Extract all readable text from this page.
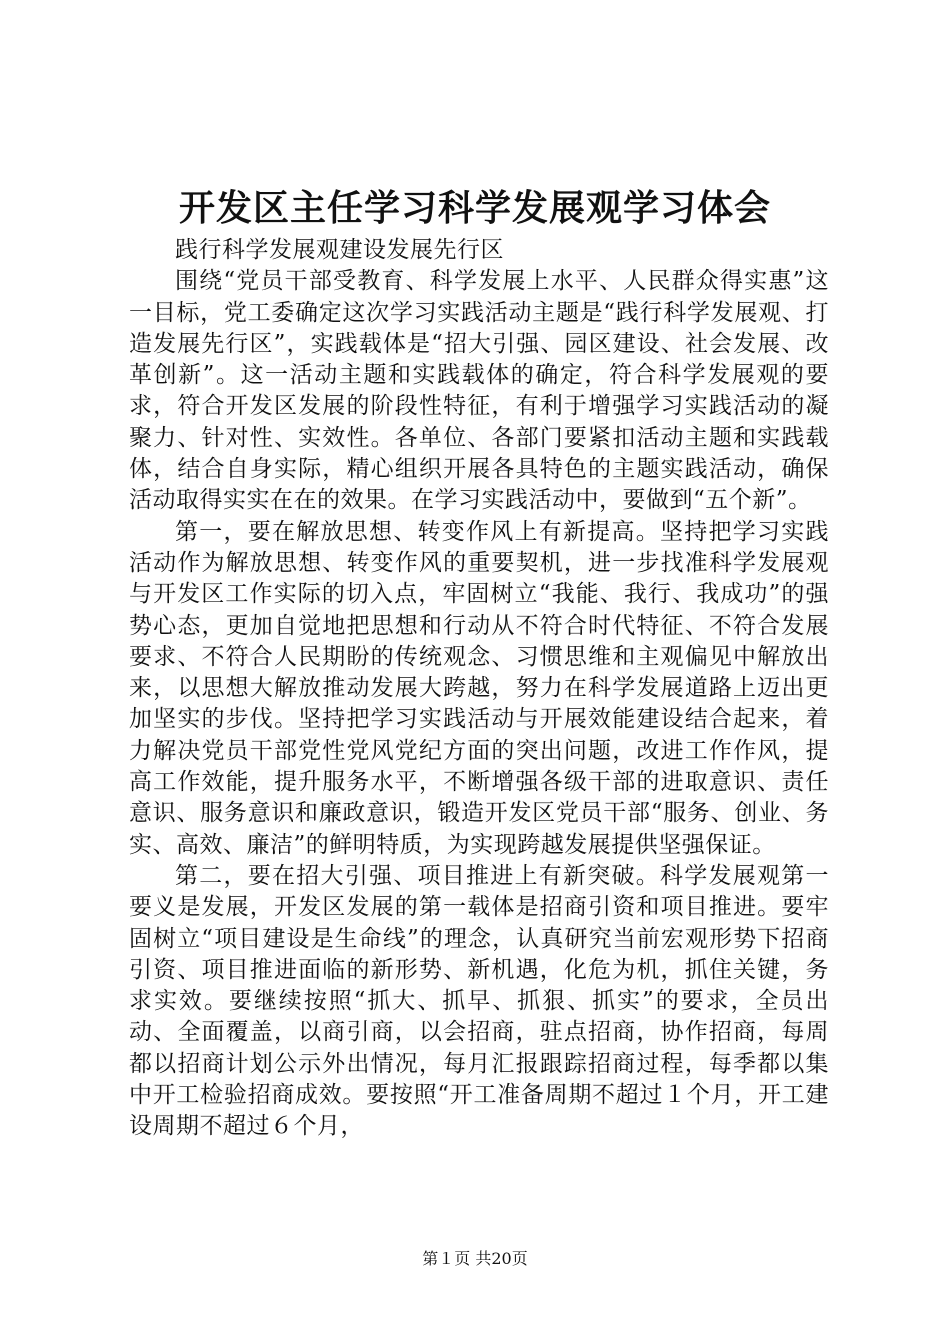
开发区主任学习科学发展观学习体会

践行科学发展观建设发展先行区

围绕“党员干部受教育、科学发展上水平、人民群众得实惠”这一目标，党工委确定这次学习实践活动主题是“践行科学发展观、打造发展先行区”，实践载体是“招大引强、园区建设、社会发展、改革创新”。这一活动主题和实践载体的确定，符合科学发展观的要求，符合开发区发展的阶段性特征，有利于增强学习实践活动的凝聚力、针对性、实效性。各单位、各部门要紧扣活动主题和实践载体，结合自身实际，精心组织开展各具特色的主题实践活动，确保活动取得实实在在的效果。在学习实践活动中，要做到“五个新”。

第一，要在解放思想、转变作风上有新提高。坚持把学习实践活动作为解放思想、转变作风的重要契机，进一步找准科学发展观与开发区工作实际的切入点，牢固树立“我能、我行、我成功”的强势心态，更加自觉地把思想和行动从不符合时代特征、不符合发展要求、不符合人民期盼的传统观念、习惯思维和主观偏见中解放出来，以思想大解放推动发展大跨越，努力在科学发展道路上迈出更加坚实的步伐。坚持把学习实践活动与开展效能建设结合起来，着力解决党员干部党性党风党纪方面的突出问题，改进工作作风，提高工作效能，提升服务水平，不断增强各级干部的进取意识、责任意识、服务意识和廉政意识，锻造开发区党员干部“服务、创业、务实、高效、廉洁”的鲜明特质，为实现跨越发展提供坚强保证。

第二，要在招大引强、项目推进上有新突破。科学发展观第一要义是发展，开发区发展的第一载体是招商引资和项目推进。要牢固树立“项目建设是生命线”的理念，认真研究当前宏观形势下招商引资、项目推进面临的新形势、新机遇，化危为机，抓住关键，务求实效。要继续按照“抓大、抓早、抓狠、抓实”的要求，全员出动、全面覆盖，以商引商，以会招商，驻点招商，协作招商，每周都以招商计划公示外出情况，每月汇报跟踪招商过程，每季都以集中开工检验招商成效。要按照“开工准备周期不超过１个月，开工建设周期不超过６个月，

第１页 共20页
